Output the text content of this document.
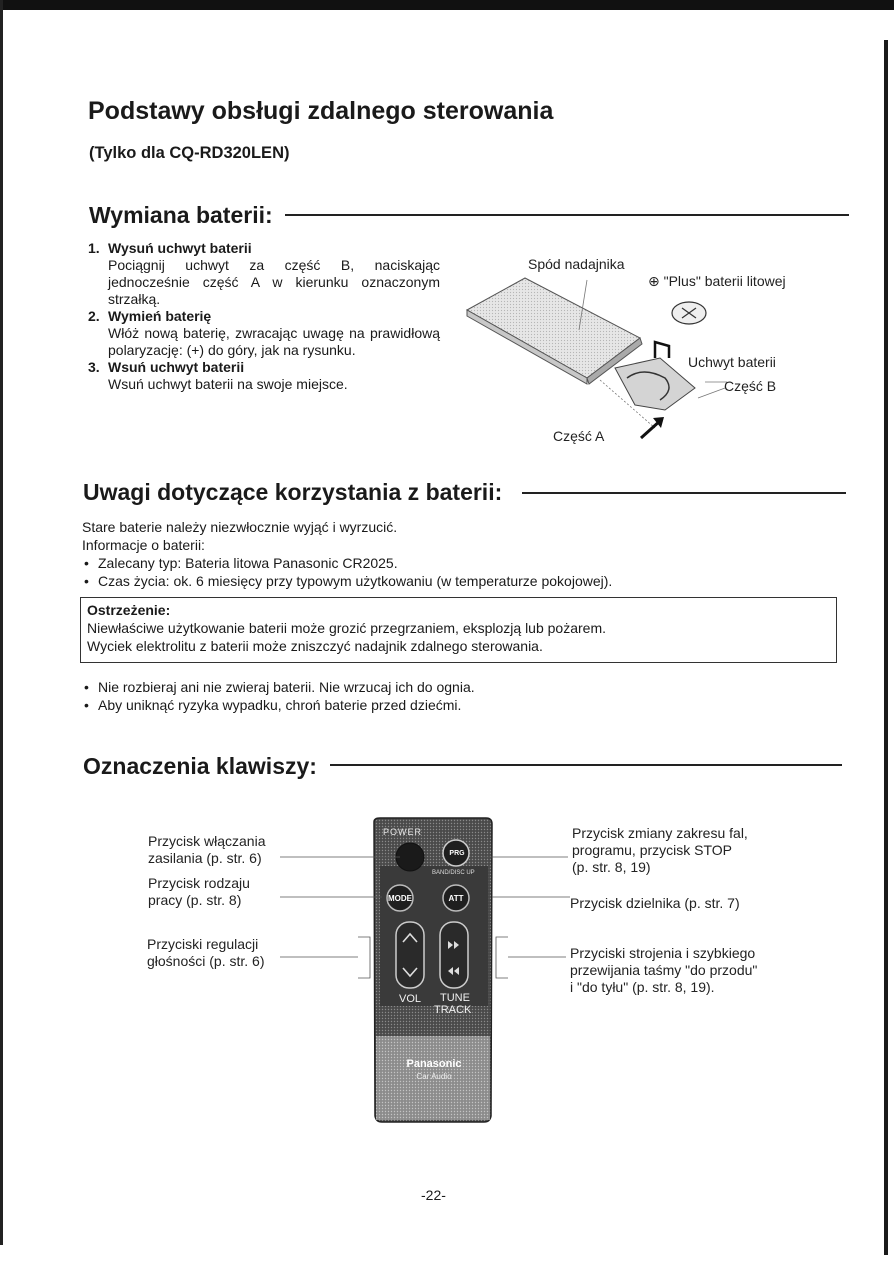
Podstawy obsługi zdalnego sterowania
(Tylko dla CQ-RD320LEN)
Wymiana baterii:
1. Wysuń uchwyt baterii
Pociągnij uchwyt za część B, naciskając jednocześnie część A w kierunku oznaczonym strzałką.
2. Wymień baterię
Włóż nową baterię, zwracając uwagę na prawidłową polaryzację: (+) do góry, jak na rysunku.
3. Wsuń uchwyt baterii
Wsuń uchwyt baterii na swoje miejsce.
Spód nadajnika
⊕ "Plus" baterii litowej
Uchwyt baterii
Część B
Część A
Uwagi dotyczące korzystania z baterii:
Stare baterie należy niezwłocznie wyjąć i wyrzucić.
Informacje o baterii:
• Zalecany typ: Bateria litowa Panasonic CR2025.
• Czas życia: ok. 6 miesięcy przy typowym użytkowaniu (w temperaturze pokojowej).
Ostrzeżenie:
Niewłaściwe użytkowanie baterii może grozić przegrzaniem, eksplozją lub pożarem.
Wyciek elektrolitu z baterii może zniszczyć nadajnik zdalnego sterowania.
• Nie rozbieraj ani nie zwieraj baterii. Nie wrzucaj ich do ognia.
• Aby uniknąć ryzyka wypadku, chroń baterie przed dziećmi.
Oznaczenia klawiszy:
POWER
PRG
BAND/DISC UP
MODE	ATT
VOL TUNE
TRACK
Panasonic
Car Audio
Przycisk włączania
zasilania (p. str. 6)
Przycisk rodzaju
pracy (p. str. 8)
Przyciski regulacji
głośności (p. str. 6)
Przycisk zmiany zakresu fal,
programu, przycisk STOP
(p. str. 8, 19)
Przycisk dzielnika (p. str. 7)
Przyciski strojenia i szybkiego
przewijania taśmy "do przodu"
i "do tyłu" (p. str. 8, 19).
-22-
